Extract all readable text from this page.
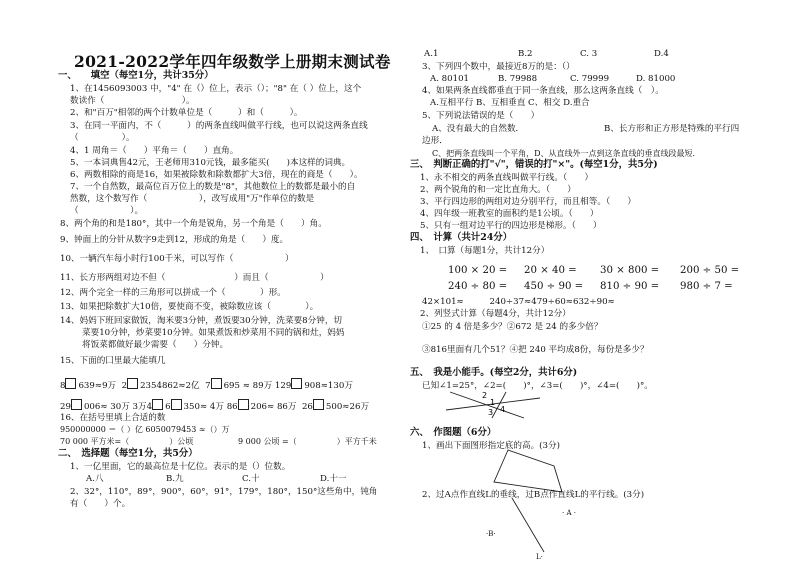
2021-2022学年四年级数学上册期末测试卷
一、　　填空（每空1分，共计35分）
1、在1456093003 中，"4" 在（）位上，表示（）；"8" 在（ ）位上，这个
数读作（　　　　　　　　　）。
2、和"百万"相邻的两个计数单位是（　　　）和（　　　）。
3、在同一平面内，不（　　　）的两条直线叫做平行线，也可以说这两条直线
（　　　　　）。
4、1 周角＝（　　）平角＝（　　）直角。
5、一本词典售42元，王老师用310元钱，最多能买(　　)本这样的词典。
6、两数相除的商是16，如果被除数和除数都扩大3倍，现在的商是（　　）。
7、一个自然数，最高位百万位上的数是"8"，其他数位上的数都是最小的自
然数，这个数写作（　　　　　　），改写成用"万"作单位的数是
（　　　　　　）。
8、两个角的和是180°，其中一个角是锐角，另一个角是（　　）角。
9、钟面上的分针从数字9走到12，形成的角是（　　）度。
10、一辆汽车每小时行100千米，可以写作（　　　　　　）
11、长方形两组对边不但（　　　　　　　　）而且（　　　　　　）
12、两个完全一样的三角形可以拼成一个（　　　　）形。
13、如果把除数扩大10倍，要使商不变，被除数应该（　　　　）。
14、妈妈下班回家做饭，淘米要3分钟，煮饭要30分钟，洗菜要8分钟，切
菜要10分钟，炒菜要10分钟。如果煮饭和炒菜用不同的锅和灶，妈妈
将饭菜都做好最少需要（　　）分钟。
15、下面的囗里最大能填几
8 639≈9万 2 2354862≈2亿 7 695 ≈ 89万 129 908≈130万
29 006≈ 30万 3万4 6 350≈ 4万 86 206≈ 86万 26 500≈26万
16、在括号里填上合适的数
950000000 ＝（ ）亿 6050079453 ≈（）万
70 000 平方米=（　　　　　）公顷	9 000 公顷 =（　　　　　）平方千米
二、　选择题（每空1分，共5分）
1、一亿里面，它的最高位是十亿位。表示的是（）位数。
A.八	B.九	C.十	D.十一
2、32°，110°，89°，900°，60°，91°，179°，180°，150°这些角中，钝角
有（　　）个。
A.1	B.2	C. 3	D.4
3、下列四个数中，最接近8万的是：（）
A. 80101	B. 79988	C. 79999	D. 81000
4、如果两条直线都垂直于同一条直线，那么这两条直线（　）。
A.互相平行 B、互相垂直 C、相交 D.重合
5、下列说法错误的是（　　）
A、没有最大的自然数．	B、长方形和正方形是特殊的平行四
边形．
C、把两条直线叫一个平角，D、从直线外一点到这条直线的垂直线段最短．
三、　判断正确的打"√"，错误的打"×"。(每空1分，共5分)
1、永不相交的两条直线叫做平行线。（　　）
2、两个锐角的和一定比直角大。（　　）
3、平行四边形的两组对边分别平行，而且相等。（　　）
4、四年级一班教室的面积约是1公顷。（　　）
5、只有一组对边平行的四边形是梯形。（　　）
四、　计算（共计24分）
1、　口算（每题1分，共计12分）
100 × 20 = 20 × 40 = 30 × 800 = 200 ÷ 50 =
240 ÷ 80 = 450 ÷ 90 = 810 ÷ 90 = 980 ÷ 7 =
42×101≈　　　240÷37≈479÷60≈632÷90≈
2、列竖式计算（每题4分，共计12分）
①25 的 4 倍是多少？②672 是 24 的多少倍？
③816里面有几个51？④把 240 平均成8份，每份是多少？
五、　我是小能手。(每空2分，共计6分)
已知∠1=25°，∠2=(　　)°，∠3=(　　)°，∠4=(　　)°。
2
1
3 4
六、　作图题（6分）
1、画出下面图形指定底的高。(3分)
2、过A点作直线L的垂线，过B点作直线L的平行线。(3分)
· A ·
·B·
L·
